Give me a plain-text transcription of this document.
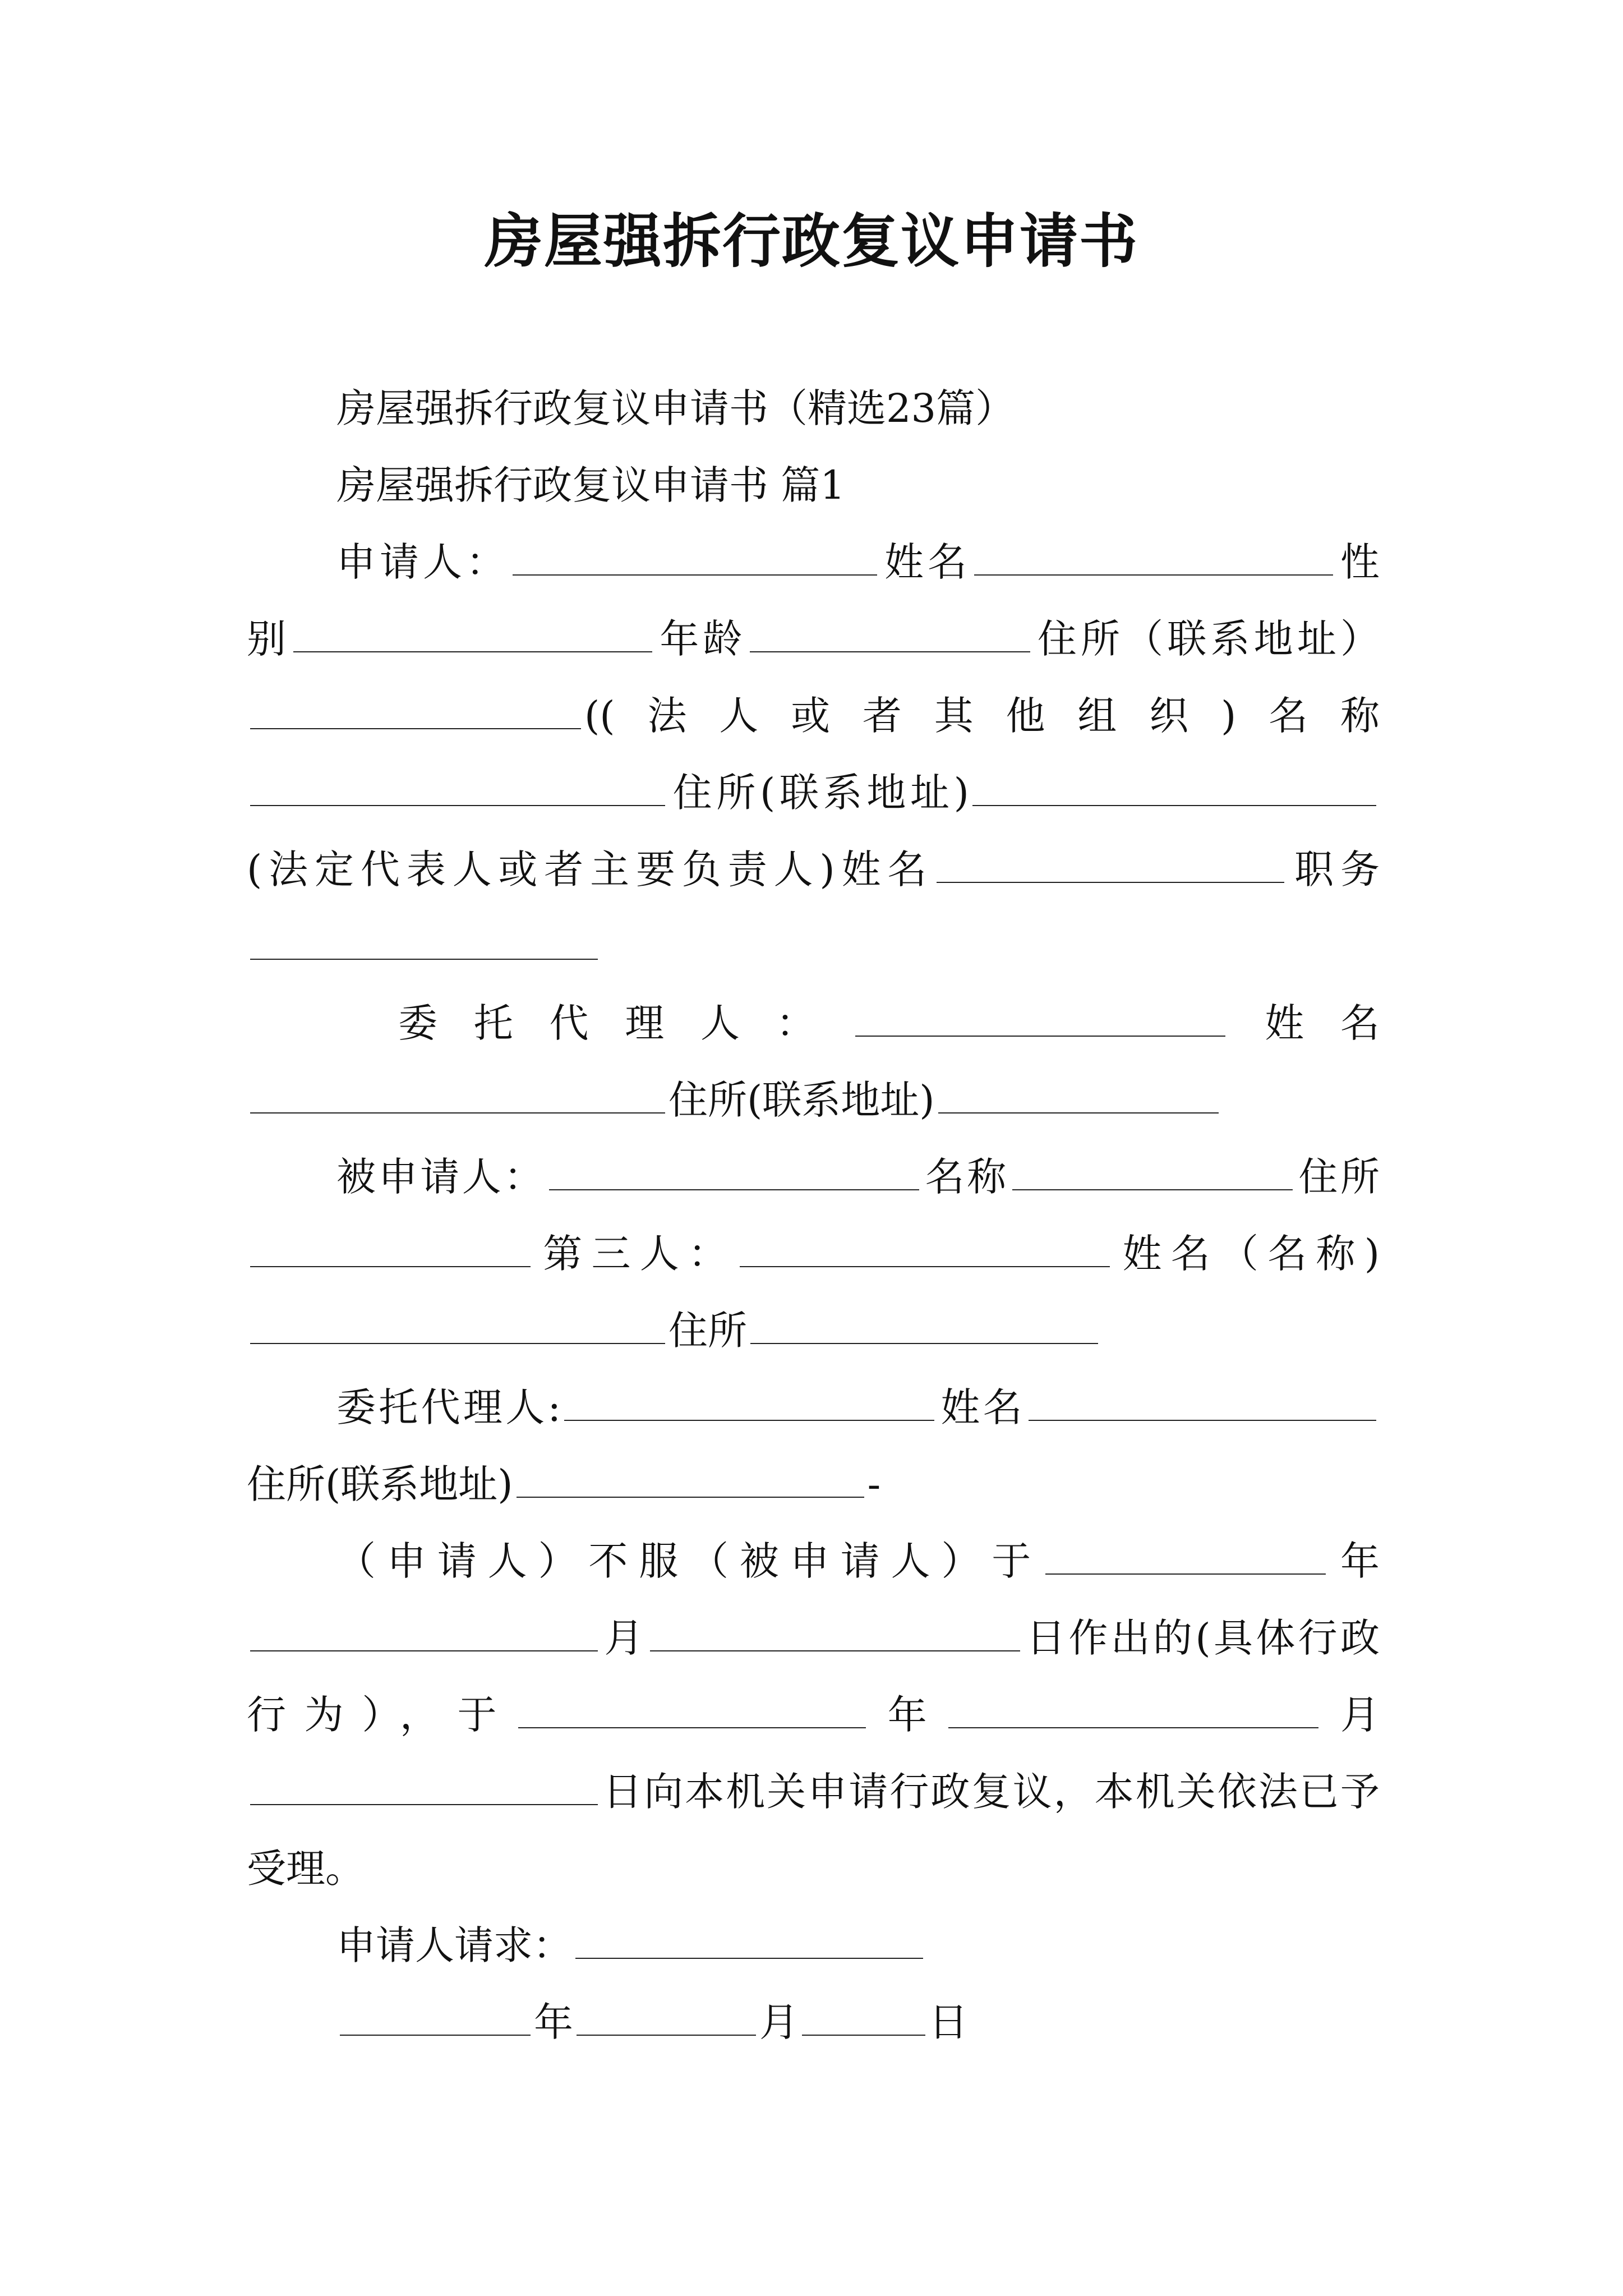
房屋强拆行政复议申请书

房屋强拆行政复议申请书（精选23篇）

房屋强拆行政复议申请书 篇1

申请人：	姓名	性别	年龄	住所（联系地址）((法人或者其他组织)名称住所(联系地址)(法定代表人或者主要负责人)姓名	职务

委托代理人：	姓名住所(联系地址)

被申请人：	名称	住所第三人：	姓名（名称)住所

委托代理人:	姓名住所(联系地址)	-

（申请人）不服（被申请人）于	年月	日作出的(具体行政行为），于	年	月日向本机关申请行政复议，本机关依法已予受理。

申请人请求：

年	月	日
